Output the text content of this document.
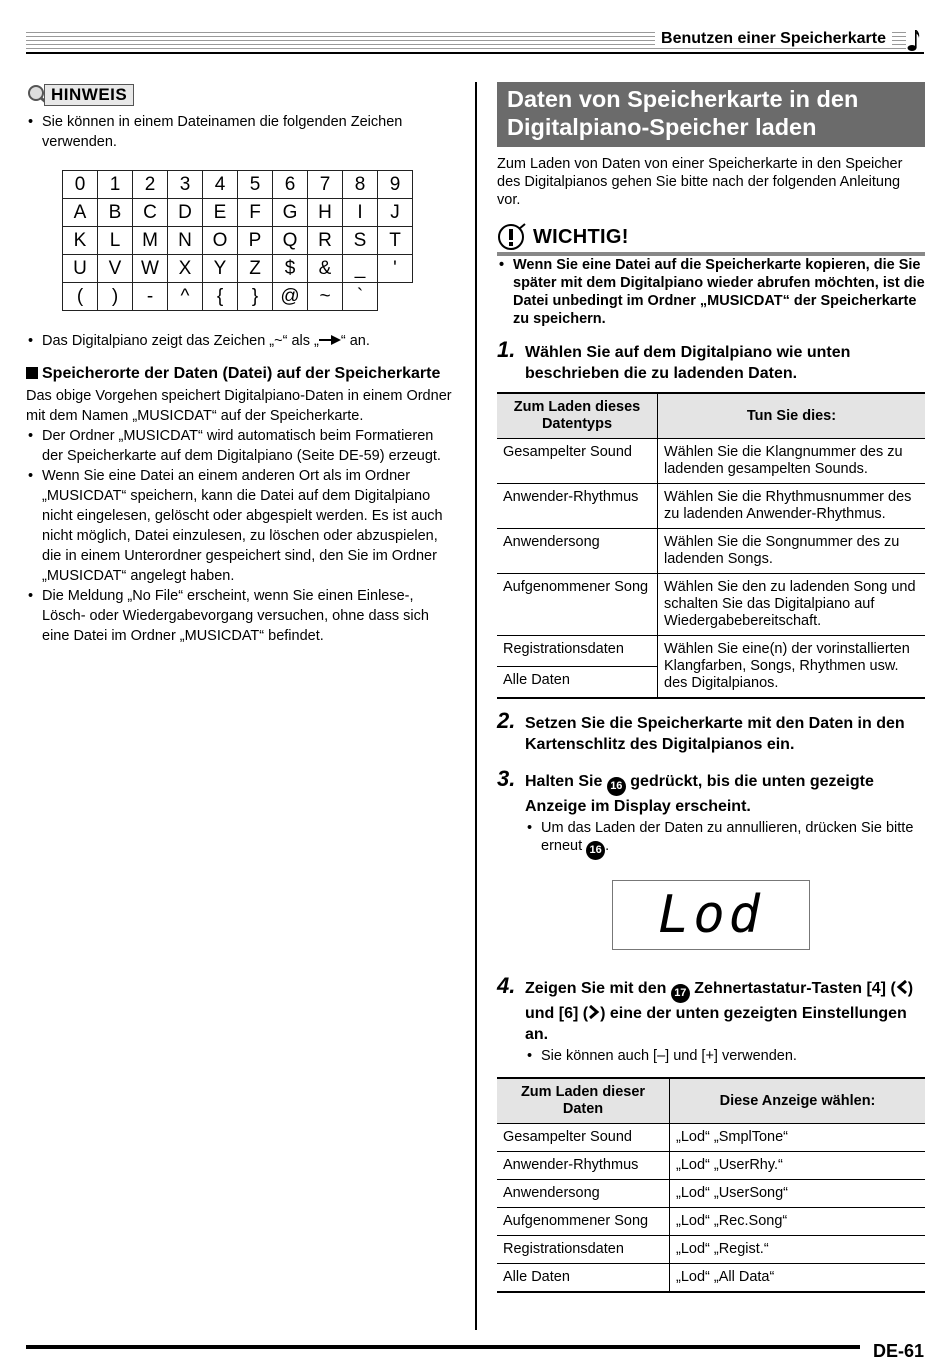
Benutzen einer Speicherkarte
HINWEIS
• Sie können in einem Dateinamen die folgenden Zeichen verwenden.
0	1	2	3	4	5	6	7	8	9
A	B	C	D	E	F	G	H	I	J
K	L	M	N	O	P	Q	R	S	T
U	V	W	X	Y	Z	$	&	_	'
(	)	-	^	{	}	@	~	`	
• Das Digitalpiano zeigt das Zeichen „~“ als „ “ an.
Speicherorte der Daten (Datei) auf der Speicherkarte
Das obige Vorgehen speichert Digitalpiano-Daten in einem Ordner mit dem Namen „MUSICDAT“ auf der Speicherkarte.
• Der Ordner „MUSICDAT“ wird automatisch beim Formatieren der Speicherkarte auf dem Digitalpiano (Seite DE-59) erzeugt.
• Wenn Sie eine Datei an einem anderen Ort als im Ordner „MUSICDAT“ speichern, kann die Datei auf dem Digitalpiano nicht eingelesen, gelöscht oder abgespielt werden. Es ist auch nicht möglich, Datei einzulesen, zu löschen oder abzuspielen, die in einem Unterordner gespeichert sind, den Sie im Ordner „MUSICDAT“ angelegt haben.
• Die Meldung „No File“ erscheint, wenn Sie einen Einlese-, Lösch- oder Wiedergabevorgang versuchen, ohne dass sich eine Datei im Ordner „MUSICDAT“ befindet.
Daten von Speicherkarte in den Digitalpiano-Speicher laden
Zum Laden von Daten von einer Speicherkarte in den Speicher des Digitalpianos gehen Sie bitte nach der folgenden Anleitung vor.
WICHTIG!
• Wenn Sie eine Datei auf die Speicherkarte kopieren, die Sie später mit dem Digitalpiano wieder abrufen möchten, ist die Datei unbedingt im Ordner „MUSICDAT“ der Speicherkarte zu speichern.
1. Wählen Sie auf dem Digitalpiano wie unten beschrieben die zu ladenden Daten.
Zum Laden dieses Datentyps	Tun Sie dies:
Gesampelter Sound	Wählen Sie die Klangnummer des zu ladenden gesampelten Sounds.
Anwender-Rhythmus	Wählen Sie die Rhythmusnummer des zu ladenden Anwender-Rhythmus.
Anwendersong	Wählen Sie die Songnummer des zu ladenden Songs.
Aufgenommener Song	Wählen Sie den zu ladenden Song und schalten Sie das Digitalpiano auf Wiedergabebereitschaft.
Registrationsdaten	Wählen Sie eine(n) der vorinstallierten Klangfarben, Songs, Rhythmen usw. des Digitalpianos.
Alle Daten	
2. Setzen Sie die Speicherkarte mit den Daten in den Kartenschlitz des Digitalpianos ein.
3. Halten Sie 16 gedrückt, bis die unten gezeigte Anzeige im Display erscheint.
• Um das Laden der Daten zu annullieren, drücken Sie bitte erneut 16 .
Lod
4. Zeigen Sie mit den 17 Zehnertastatur-Tasten [4] ( ) und [6] ( ) eine der unten gezeigten Einstellungen an.
• Sie können auch [–] und [+] verwenden.
Zum Laden dieser Daten	Diese Anzeige wählen:
Gesampelter Sound	„Lod“ „SmplTone“
Anwender-Rhythmus	„Lod“ „UserRhy.“
Anwendersong	„Lod“ „UserSong“
Aufgenommener Song	„Lod“ „Rec.Song“
Registrationsdaten	„Lod“ „Regist.“
Alle Daten	„Lod“ „All Data“
DE-61
